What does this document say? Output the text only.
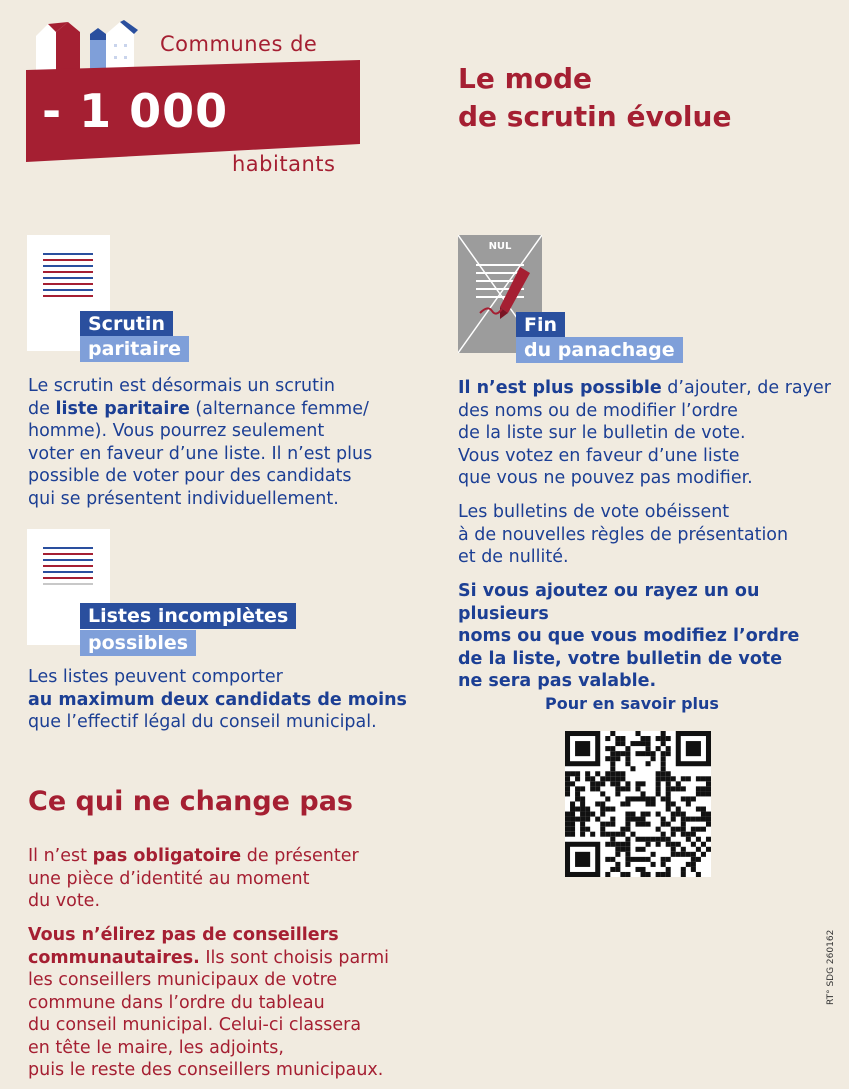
Communes de
- 1 000
habitants
Le mode
de scrutin évolue
Scrutin
paritaire
Le scrutin est désormais un scrutin
de liste paritaire (alternance femme/
homme). Vous pourrez seulement
voter en faveur d’une liste. Il n’est plus
possible de voter pour des candidats
qui se présentent individuellement.
Listes incomplètes
possibles
Les listes peuvent comporter
au maximum deux candidats de moins
que l’effectif légal du conseil municipal.
NUL
Fin
du panachage
Il n’est plus possible d’ajouter, de rayer
des noms ou de modifier l’ordre
de la liste sur le bulletin de vote.
Vous votez en faveur d’une liste
que vous ne pouvez pas modifier.
Les bulletins de vote obéissent
à de nouvelles règles de présentation
et de nullité.
Si vous ajoutez ou rayez un ou plusieurs
noms ou que vous modifiez l’ordre
de la liste, votre bulletin de vote
ne sera pas valable.
Pour en savoir plus
Ce qui ne change pas
Il n’est pas obligatoire de présenter
une pièce d’identité au moment
du vote.
Vous n’élirez pas de conseillers
communautaires. Ils sont choisis parmi
les conseillers municipaux de votre
commune dans l’ordre du tableau
du conseil municipal. Celui-ci classera
en tête le maire, les adjoints,
puis le reste des conseillers municipaux.
RT° SDG 260162
